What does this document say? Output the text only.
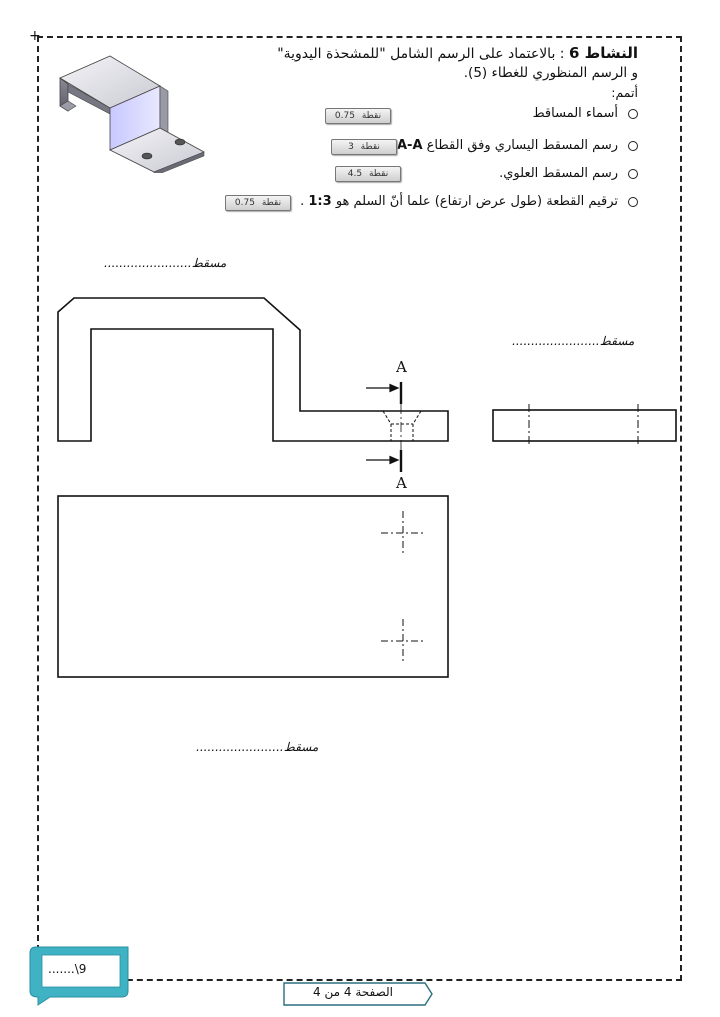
+
النشاط 6 : بالاعتماد على الرسم الشامل "للمشحذة اليدوية"
و الرسم المنظوري للغطاء (5).
أتمم:
أسماء المساقط
0.75 نقطة
رسم المسقط اليساري وفق القطاع A-A
3 نقطة
رسم المسقط العلوي.
4.5 نقطة
ترقيم القطعة (طول عرض ارتفاع) علما أنّ السلم هو 1:3 .
0.75 نقطة
مسقط.......................
مسقط.......................
مسقط.......................
A
A
.......\9
الصفحة 4 من 4
